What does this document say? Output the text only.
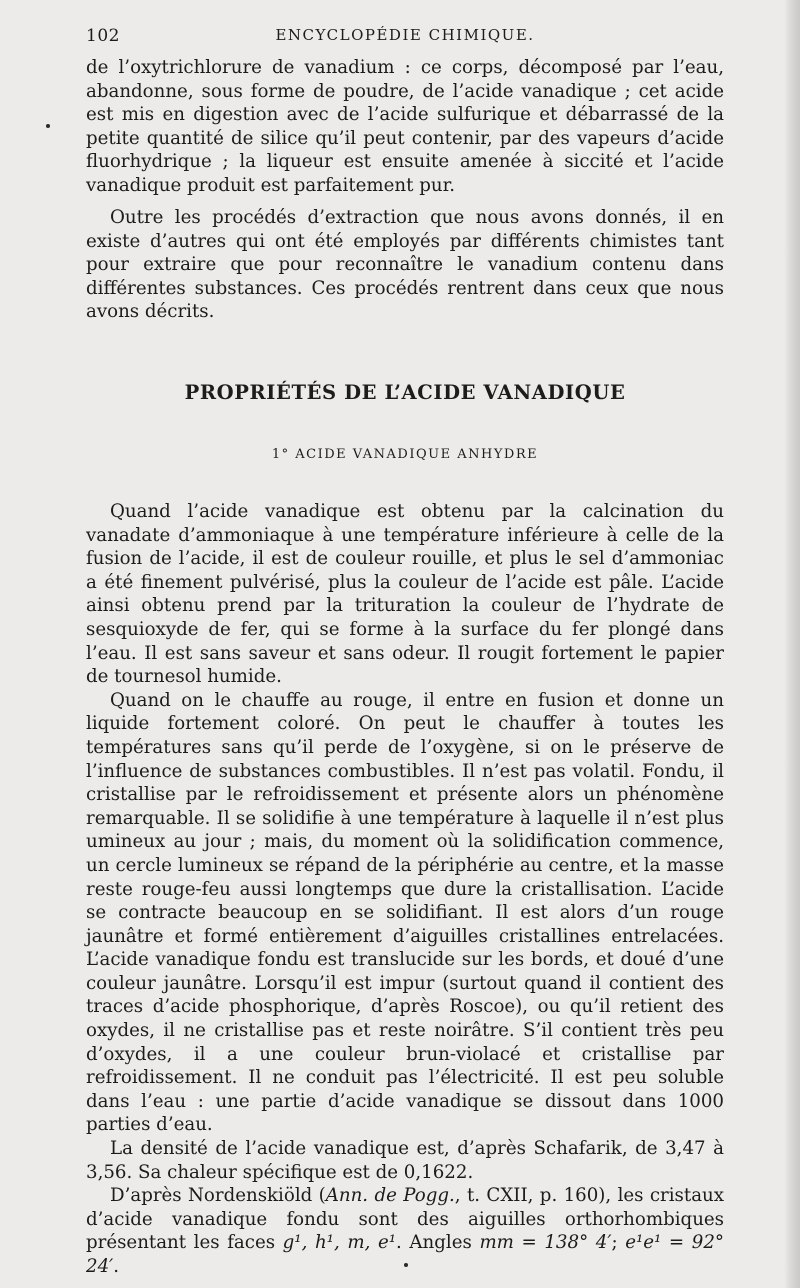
102	ENCYCLOPÉDIE CHIMIQUE.

de l’oxytrichlorure de vanadium : ce corps, décomposé par l’eau, abandonne, sous forme de poudre, de l’acide vanadique ; cet acide est mis en digestion avec de l’acide sulfurique et débarrassé de la petite quantité de silice qu’il peut contenir, par des vapeurs d’acide fluorhydrique ; la liqueur est ensuite amenée à siccité et l’acide vanadique produit est parfaitement pur.

Outre les procédés d’extraction que nous avons donnés, il en existe d’autres qui ont été employés par différents chimistes tant pour extraire que pour reconnaître le vanadium contenu dans différentes substances. Ces procédés rentrent dans ceux que nous avons décrits.

PROPRIÉTÉS DE L’ACIDE VANADIQUE
1° ACIDE VANADIQUE ANHYDRE

Quand l’acide vanadique est obtenu par la calcination du vanadate d’ammoniaque à une température inférieure à celle de la fusion de l’acide, il est de couleur rouille, et plus le sel d’ammoniac a été finement pulvérisé, plus la couleur de l’acide est pâle. L’acide ainsi obtenu prend par la trituration la couleur de l’hydrate de sesquioxyde de fer, qui se forme à la surface du fer plongé dans l’eau. Il est sans saveur et sans odeur. Il rougit fortement le papier de tournesol humide.

Quand on le chauffe au rouge, il entre en fusion et donne un liquide fortement coloré. On peut le chauffer à toutes les températures sans qu’il perde de l’oxygène, si on le préserve de l’influence de substances combustibles. Il n’est pas volatil. Fondu, il cristallise par le refroidissement et présente alors un phénomène remarquable. Il se solidifie à une température à laquelle il n’est plus umineux au jour ; mais, du moment où la solidification commence, un cercle lumineux se répand de la périphérie au centre, et la masse reste rouge-feu aussi longtemps que dure la cristallisation. L’acide se contracte beaucoup en se solidifiant. Il est alors d’un rouge jaunâtre et formé entièrement d’aiguilles cristallines entrelacées. L’acide vanadique fondu est translucide sur les bords, et doué d’une couleur jaunâtre. Lorsqu’il est impur (surtout quand il contient des traces d’acide phosphorique, d’après Roscoe), ou qu’il retient des oxydes, il ne cristallise pas et reste noirâtre. S’il contient très peu d’oxydes, il a une couleur brun-violacé et cristallise par refroidissement. Il ne conduit pas l’électricité. Il est peu soluble dans l’eau : une partie d’acide vanadique se dissout dans 1000 parties d’eau.

La densité de l’acide vanadique est, d’après Schafarik, de 3,47 à 3,56. Sa chaleur spécifique est de 0,1622.

D’après Nordenskiöld (Ann. de Pogg., t. CXII, p. 160), les cristaux d’acide vanadique fondu sont des aiguilles orthorhombiques présentant les faces g¹, h¹, m, e¹. Angles mm = 138° 4′; e¹e¹ = 92° 24′.
